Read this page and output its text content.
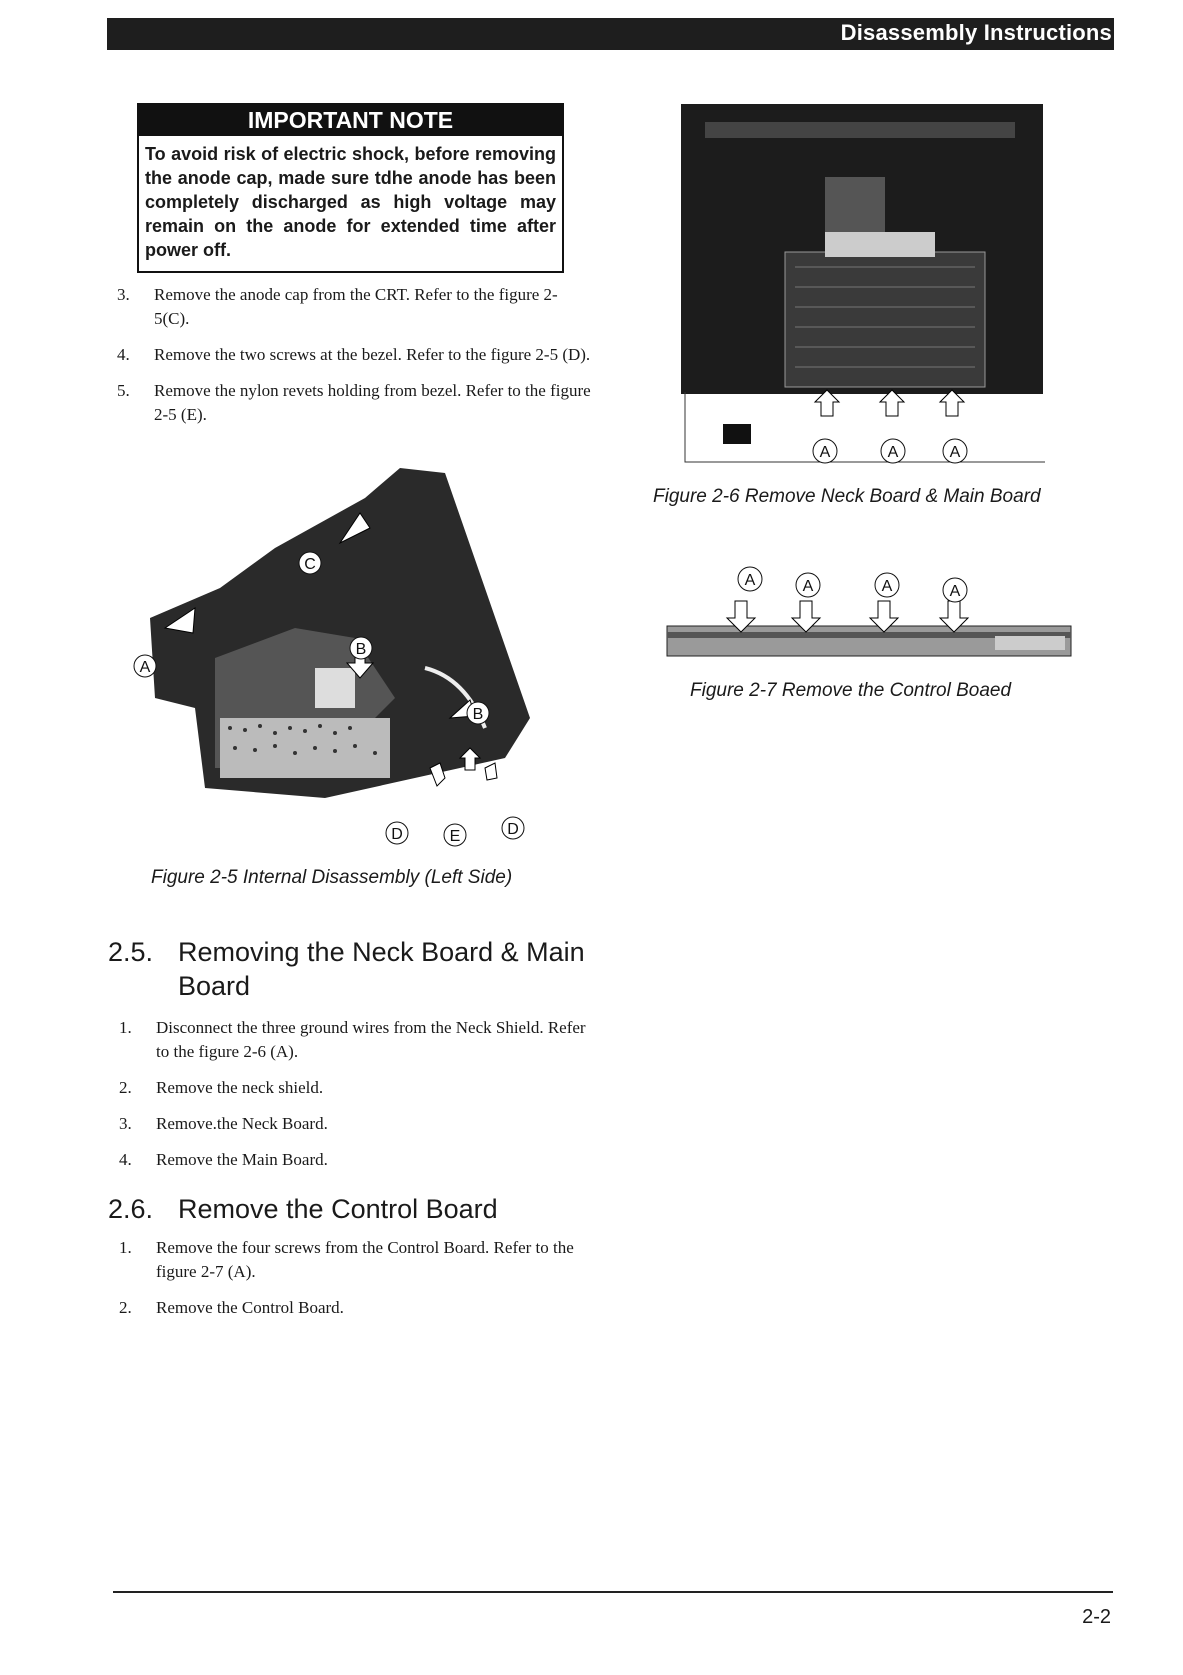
Disassembly Instructions
IMPORTANT NOTE
To avoid risk of electric shock, before removing the anode cap, made sure tdhe anode has been completely discharged as high voltage may remain on the anode for extended time after power off.
3. Remove the anode cap from the CRT. Refer to the figure 2-5(C).
4. Remove the two screws at the bezel. Refer to the figure 2-5 (D).
5. Remove the nylon revets holding from bezel. Refer to the figure 2-5 (E).
C
A
B
B
D	E	D
Figure 2-5 Internal Disassembly (Left Side)
2.5. Removing the Neck Board & Main Board
1. Disconnect the three ground wires from the Neck Shield. Refer to the figure 2-6 (A).
2. Remove the neck shield.
3. Remove.the Neck Board.
4. Remove the Main Board.
2.6. Remove the Control Board
1. Remove the four screws from the Control Board. Refer to the figure 2-7 (A).
2. Remove the Control Board.
A	A	A
Figure 2-6 Remove Neck Board & Main Board
A	A	A	A
Figure 2-7 Remove the Control Boaed
2-2
